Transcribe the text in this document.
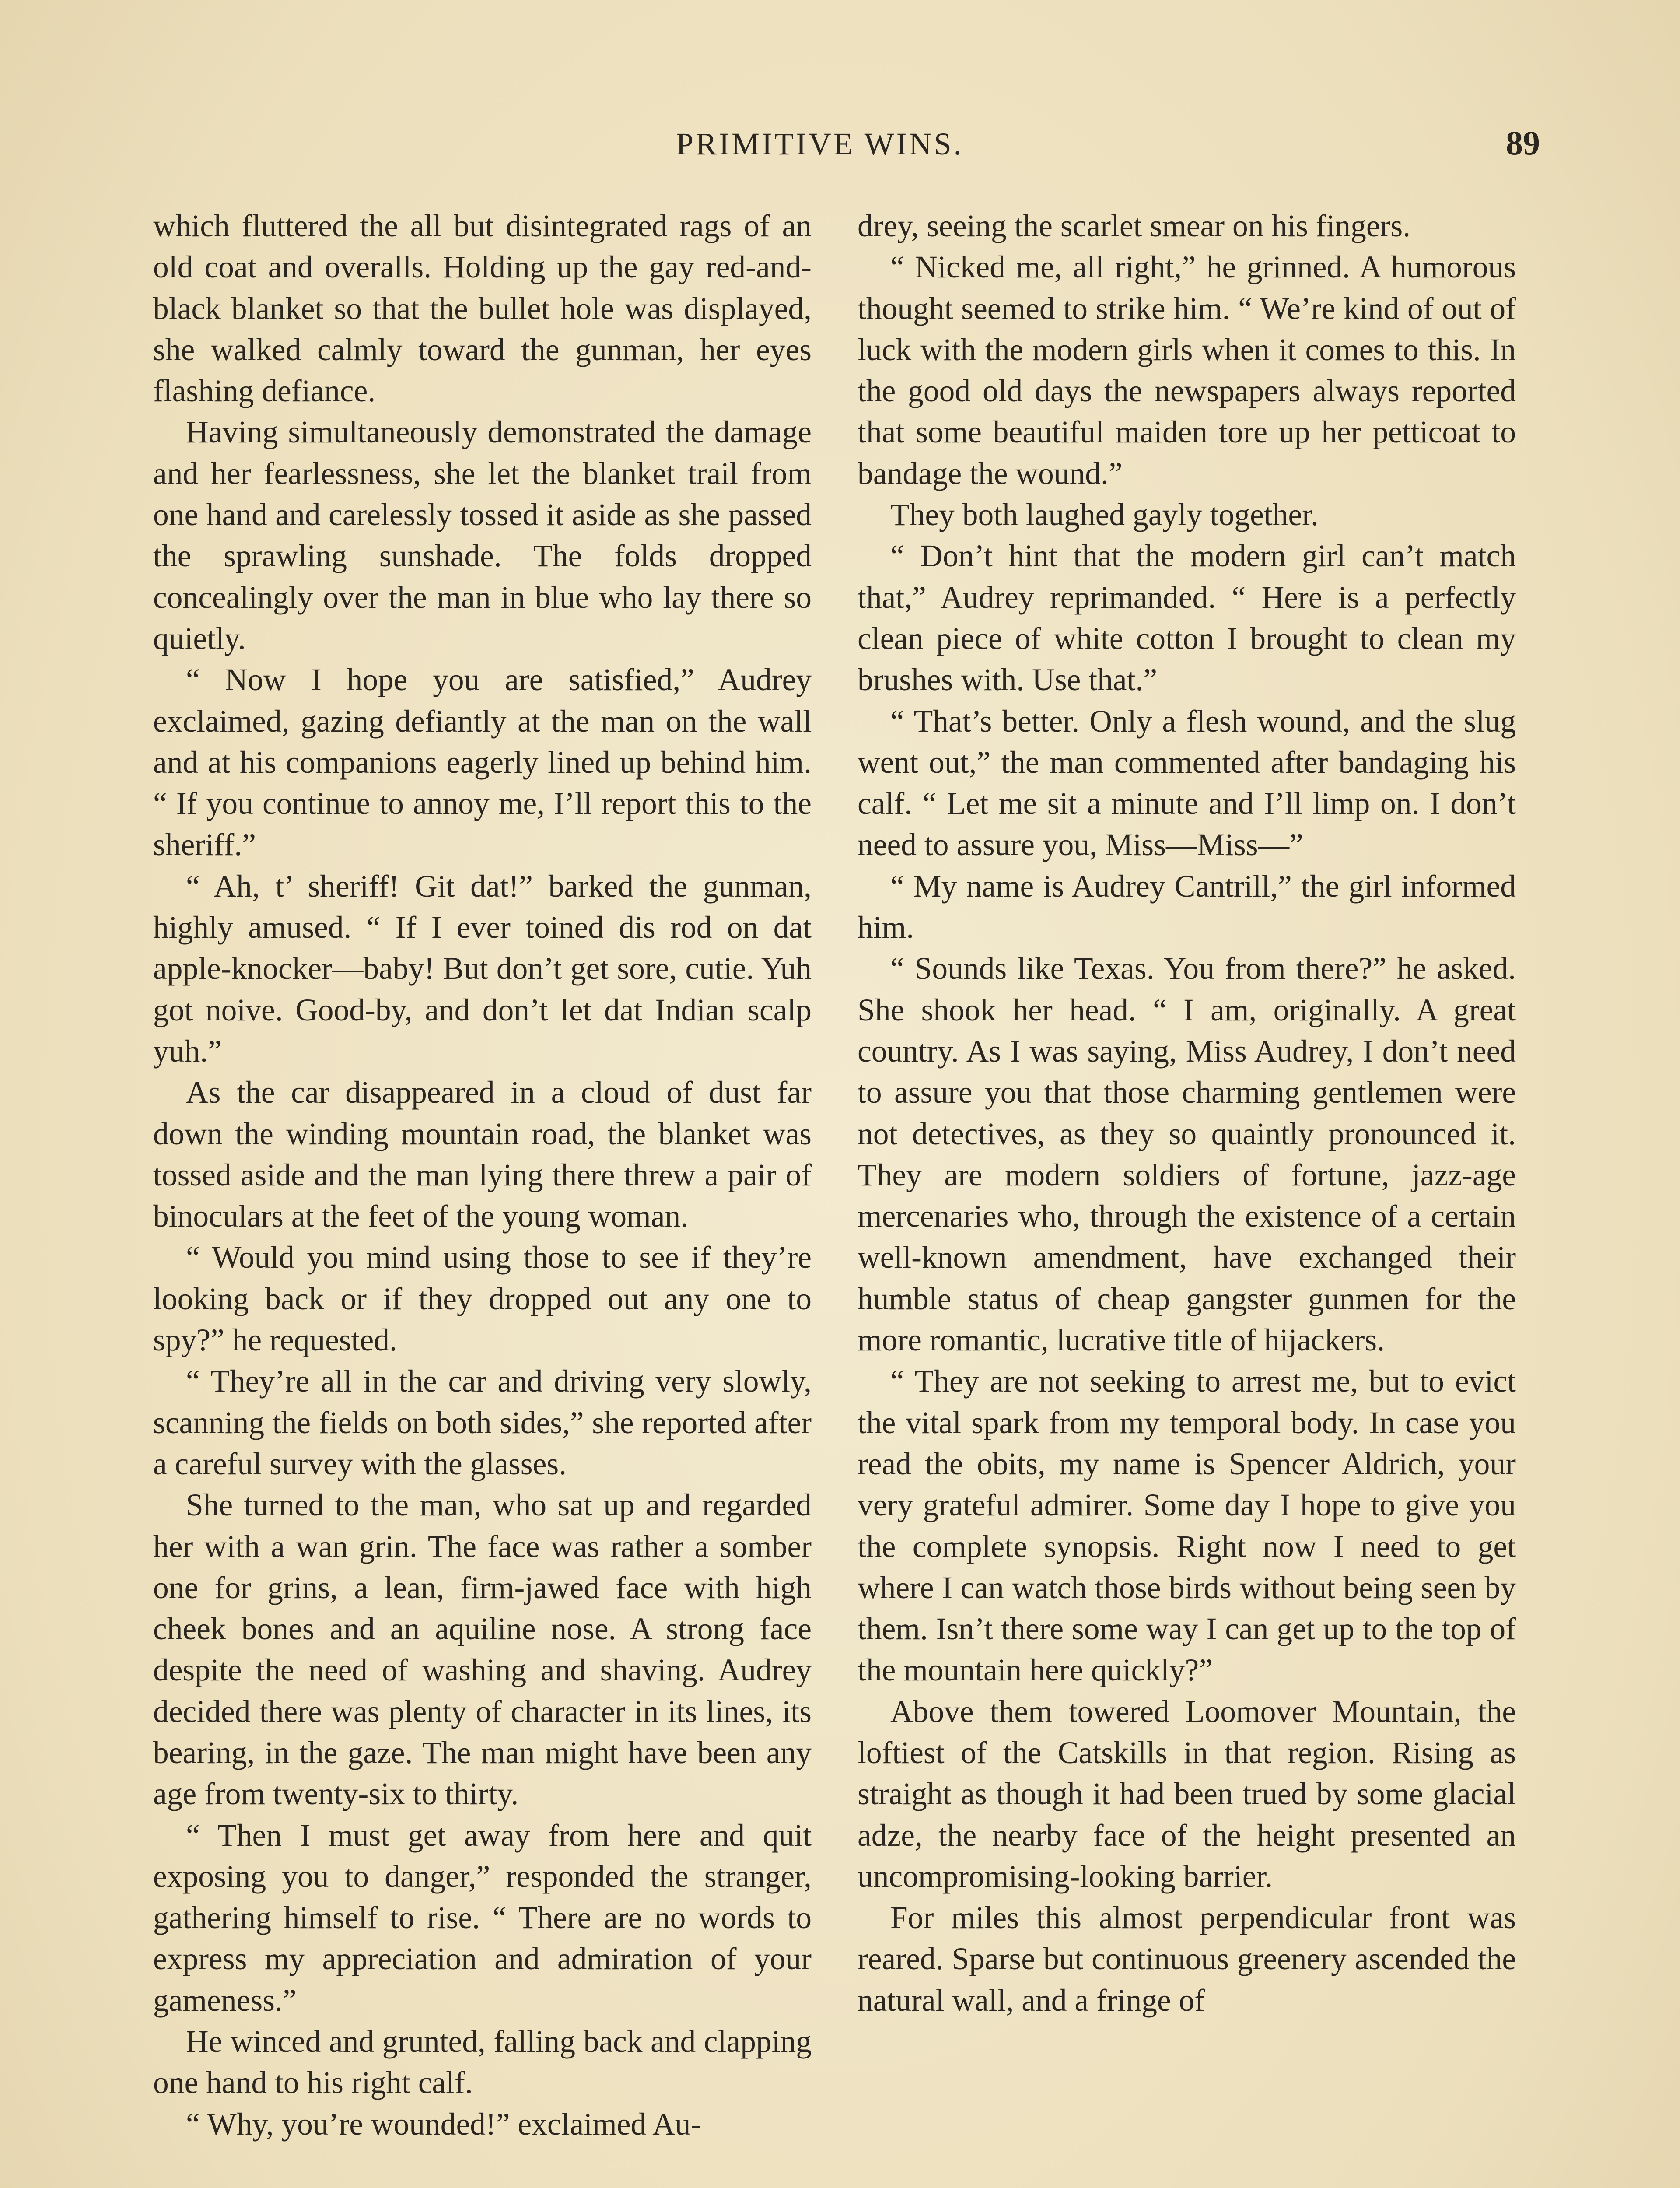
PRIMITIVE WINS.	89

which fluttered the all but disintegrated rags of an old coat and overalls. Holding up the gay red-and-black blanket so that the bullet hole was displayed, she walked calmly toward the gunman, her eyes flashing defiance.

Having simultaneously demonstrated the damage and her fearlessness, she let the blanket trail from one hand and carelessly tossed it aside as she passed the sprawling sunshade. The folds dropped concealingly over the man in blue who lay there so quietly.

“ Now I hope you are satisfied,” Audrey exclaimed, gazing defiantly at the man on the wall and at his companions eagerly lined up behind him. “ If you continue to annoy me, I’ll report this to the sheriff.”

“ Ah, t’ sheriff! Git dat!” barked the gunman, highly amused. “ If I ever toined dis rod on dat apple-knocker—baby! But don’t get sore, cutie. Yuh got noive. Good-by, and don’t let dat Indian scalp yuh.”

As the car disappeared in a cloud of dust far down the winding mountain road, the blanket was tossed aside and the man lying there threw a pair of binoculars at the feet of the young woman.

“ Would you mind using those to see if they’re looking back or if they dropped out any one to spy?” he requested.

“ They’re all in the car and driving very slowly, scanning the fields on both sides,” she reported after a careful survey with the glasses.

She turned to the man, who sat up and regarded her with a wan grin. The face was rather a somber one for grins, a lean, firm-jawed face with high cheek bones and an aquiline nose. A strong face despite the need of washing and shaving. Audrey decided there was plenty of character in its lines, its bearing, in the gaze. The man might have been any age from twenty-six to thirty.

“ Then I must get away from here and quit exposing you to danger,” responded the stranger, gathering himself to rise. “ There are no words to express my appreciation and admiration of your gameness.”

He winced and grunted, falling back and clapping one hand to his right calf.

“ Why, you’re wounded!” exclaimed Au-

drey, seeing the scarlet smear on his fingers.

“ Nicked me, all right,” he grinned. A humorous thought seemed to strike him. “ We’re kind of out of luck with the modern girls when it comes to this. In the good old days the newspapers always reported that some beautiful maiden tore up her petticoat to bandage the wound.”

They both laughed gayly together.

“ Don’t hint that the modern girl can’t match that,” Audrey reprimanded. “ Here is a perfectly clean piece of white cotton I brought to clean my brushes with. Use that.”

“ That’s better. Only a flesh wound, and the slug went out,” the man commented after bandaging his calf. “ Let me sit a minute and I’ll limp on. I don’t need to assure you, Miss—Miss—”

“ My name is Audrey Cantrill,” the girl informed him.

“ Sounds like Texas. You from there?” he asked. She shook her head. “ I am, originally. A great country. As I was saying, Miss Audrey, I don’t need to assure you that those charming gentlemen were not detectives, as they so quaintly pronounced it. They are modern soldiers of fortune, jazz-age mercenaries who, through the existence of a certain well-known amendment, have exchanged their humble status of cheap gangster gunmen for the more romantic, lucrative title of hijackers.

“ They are not seeking to arrest me, but to evict the vital spark from my temporal body. In case you read the obits, my name is Spencer Aldrich, your very grateful admirer. Some day I hope to give you the complete synopsis. Right now I need to get where I can watch those birds without being seen by them. Isn’t there some way I can get up to the top of the mountain here quickly?”

Above them towered Loomover Mountain, the loftiest of the Catskills in that region. Rising as straight as though it had been trued by some glacial adze, the nearby face of the height presented an uncompromising-looking barrier.

For miles this almost perpendicular front was reared. Sparse but continuous greenery ascended the natural wall, and a fringe of
